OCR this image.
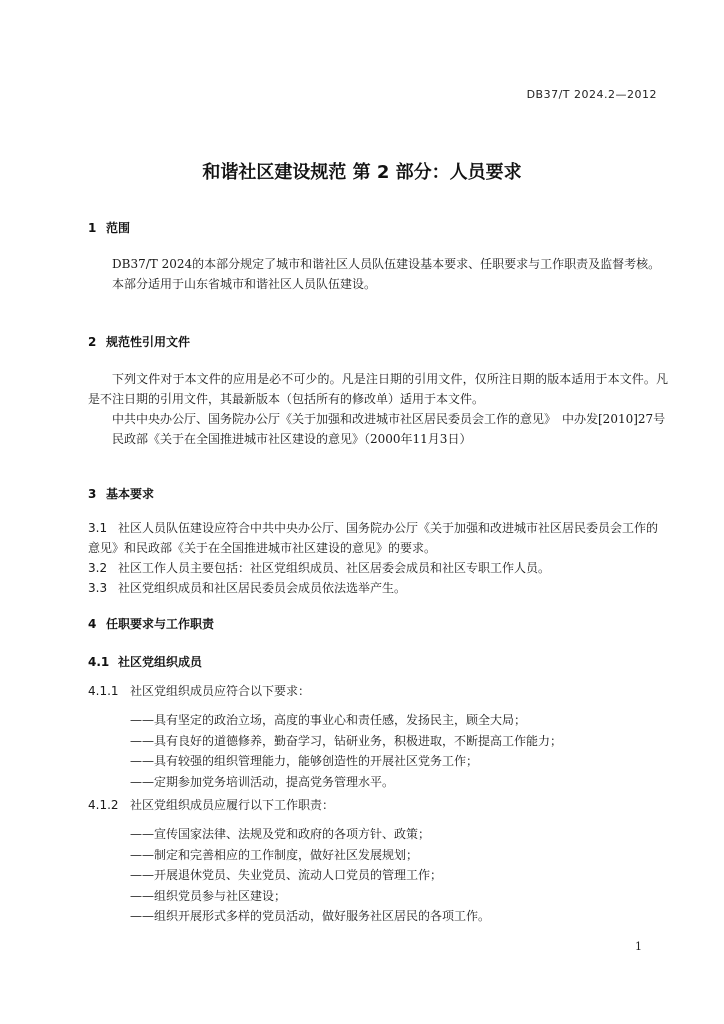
DB37/T 2024.2—2012
和谐社区建设规范 第 2 部分：人员要求
1 范围
DB37/T 2024的本部分规定了城市和谐社区人员队伍建设基本要求、任职要求与工作职责及监督考核。
本部分适用于山东省城市和谐社区人员队伍建设。
2 规范性引用文件
下列文件对于本文件的应用是必不可少的。凡是注日期的引用文件，仅所注日期的版本适用于本文件。凡是不注日期的引用文件，其最新版本（包括所有的修改单）适用于本文件。
中共中央办公厅、国务院办公厅《关于加强和改进城市社区居民委员会工作的意见》　中办发[2010]27号
民政部《关于在全国推进城市社区建设的意见》（2000年11月3日）
3 基本要求
3.1 社区人员队伍建设应符合中共中央办公厅、国务院办公厅《关于加强和改进城市社区居民委员会工作的意见》和民政部《关于在全国推进城市社区建设的意见》的要求。
3.2 社区工作人员主要包括：社区党组织成员、社区居委会成员和社区专职工作人员。
3.3 社区党组织成员和社区居民委员会成员依法选举产生。
4 任职要求与工作职责
4.1 社区党组织成员
4.1.1 社区党组织成员应符合以下要求：
——具有坚定的政治立场，高度的事业心和责任感，发扬民主，顾全大局；
——具有良好的道德修养，勤奋学习，钻研业务，积极进取，不断提高工作能力；
——具有较强的组织管理能力，能够创造性的开展社区党务工作；
——定期参加党务培训活动，提高党务管理水平。
4.1.2 社区党组织成员应履行以下工作职责：
——宣传国家法律、法规及党和政府的各项方针、政策；
——制定和完善相应的工作制度，做好社区发展规划；
——开展退休党员、失业党员、流动人口党员的管理工作；
——组织党员参与社区建设；
——组织开展形式多样的党员活动，做好服务社区居民的各项工作。
1
